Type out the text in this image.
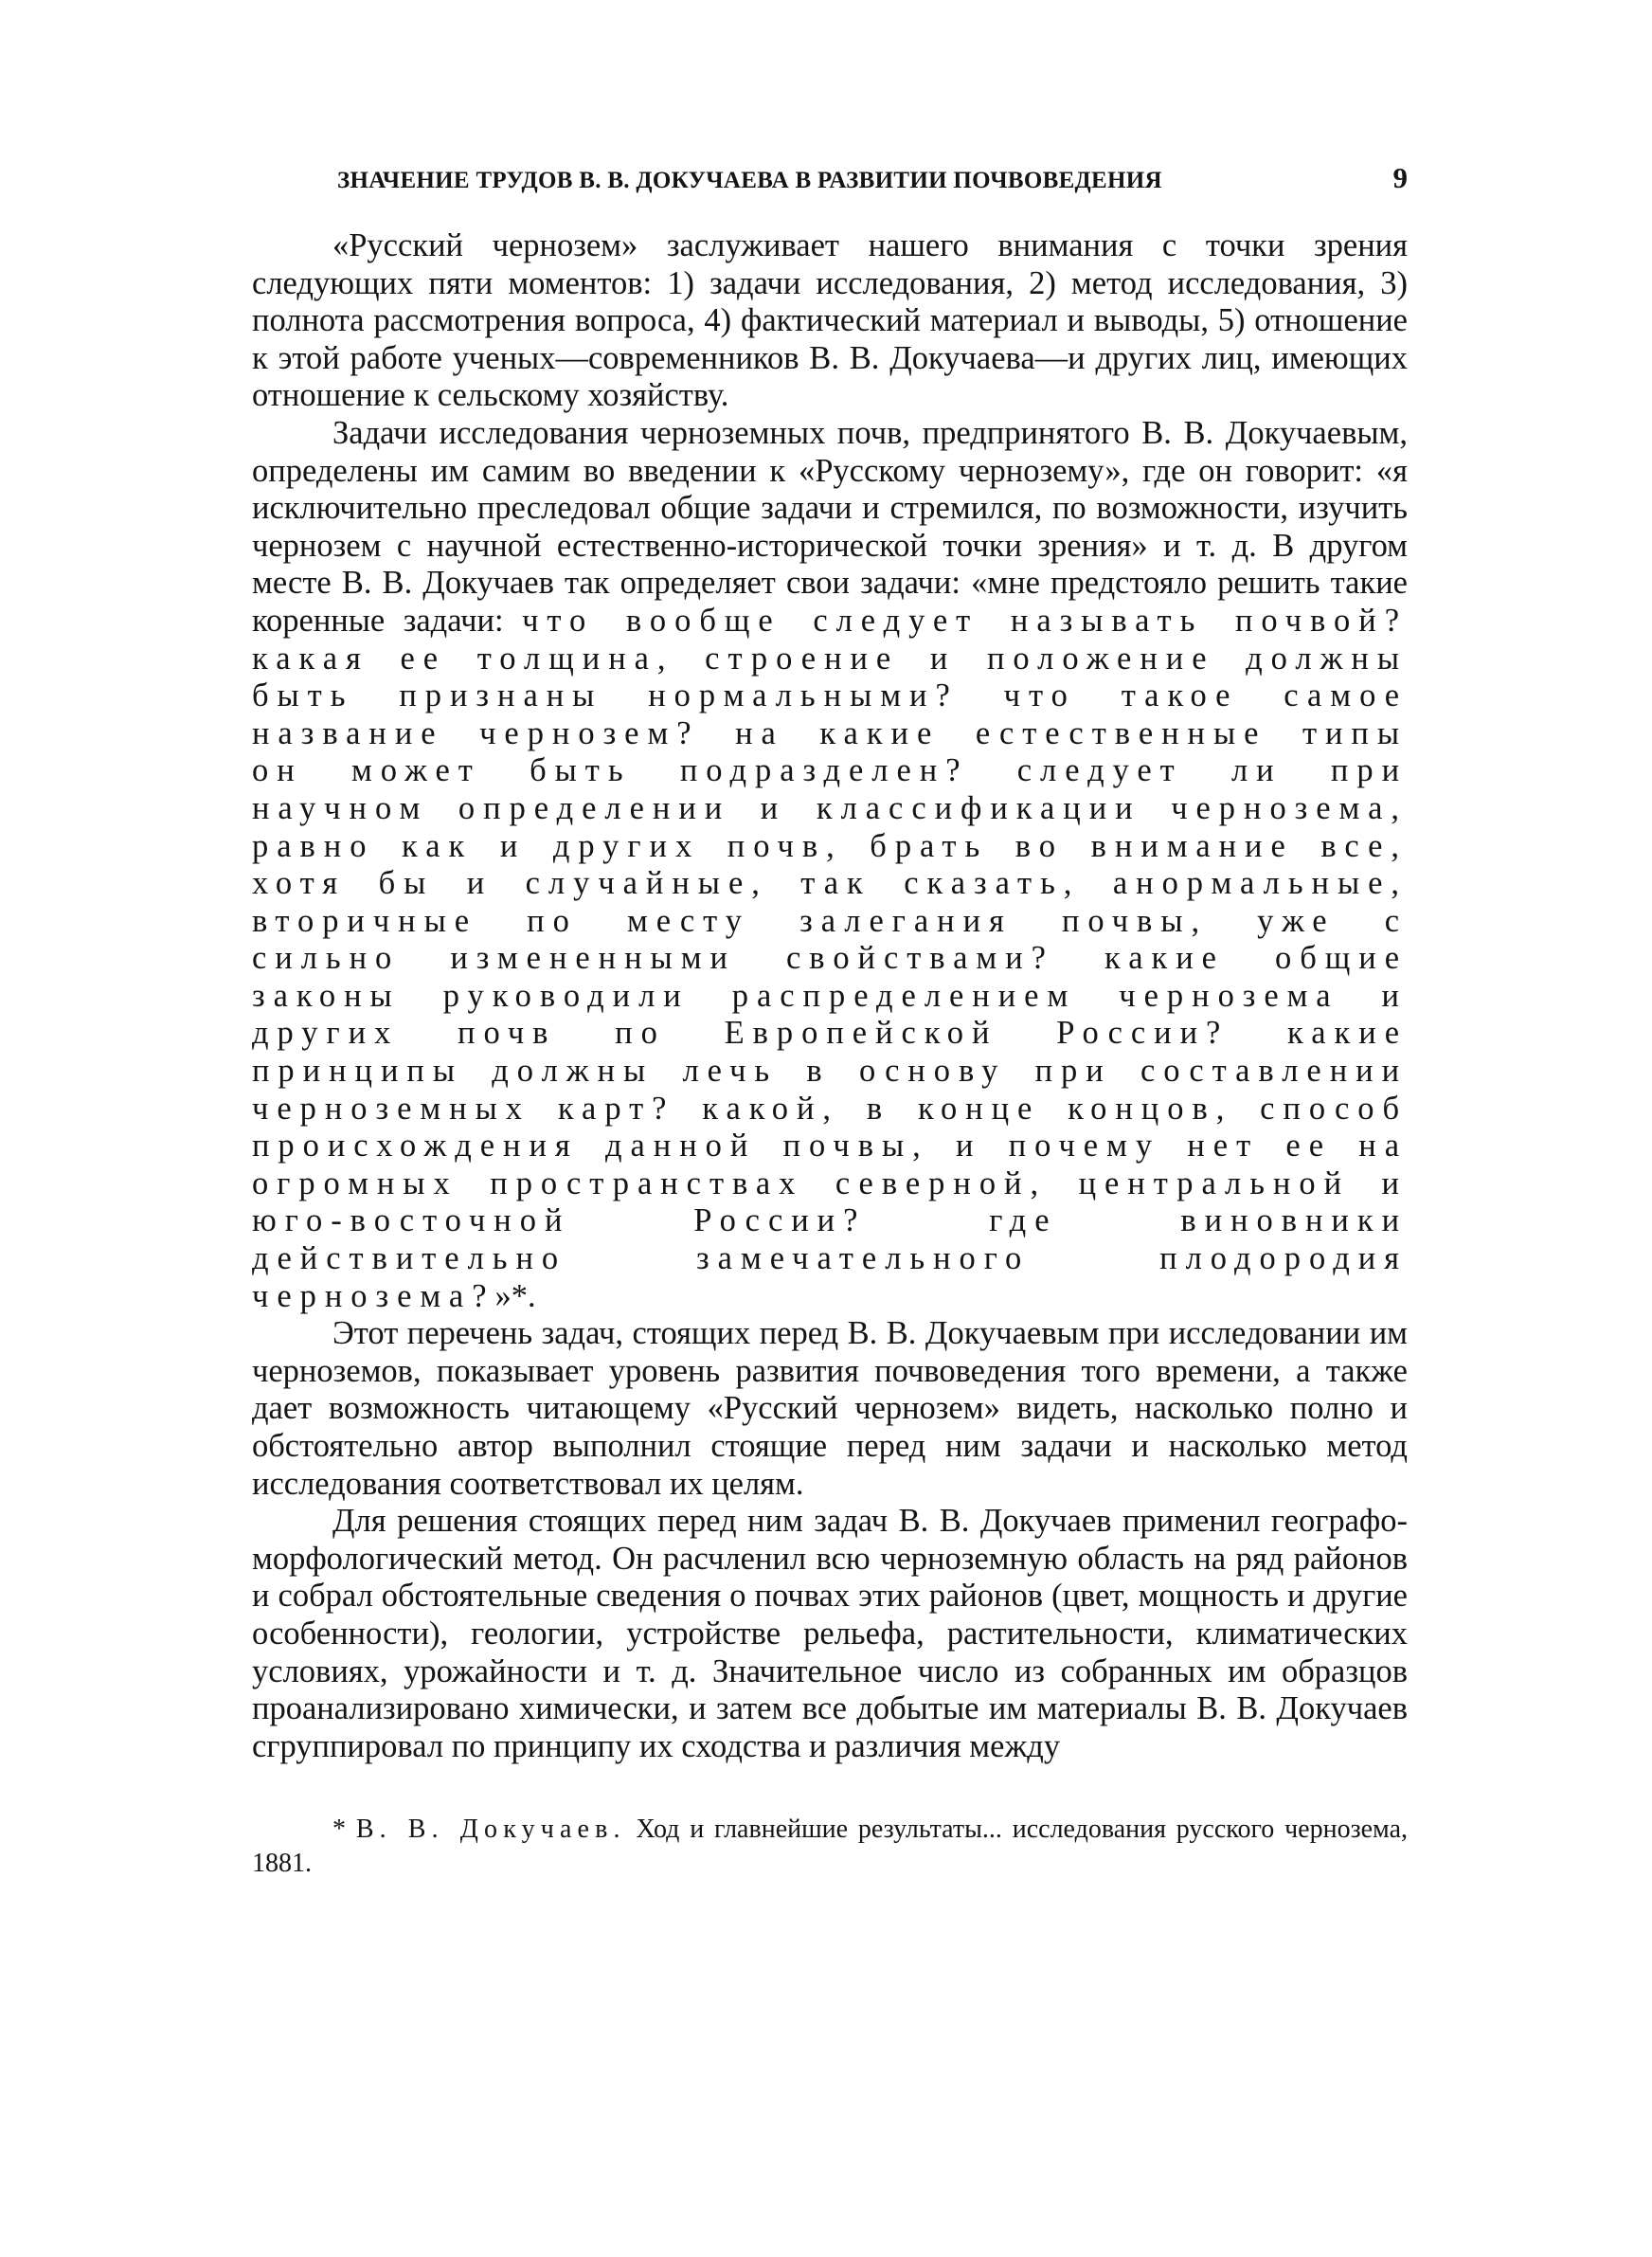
ЗНАЧЕНИЕ ТРУДОВ В. В. ДОКУЧАЕВА В РАЗВИТИИ ПОЧВОВЕДЕНИЯ	9

«Русский чернозем» заслуживает нашего внимания с точки зрения следующих пяти моментов: 1) задачи исследования, 2) метод исследования, 3) полнота рассмотрения вопроса, 4) фактический материал и выводы, 5) отношение к этой работе ученых—современников В. В. Докучаева—и других лиц, имеющих отношение к сельскому хозяйству.

Задачи исследования черноземных почв, предпринятого В. В. Докучаевым, определены им самим во введении к «Русскому чернозему», где он говорит: «я исключительно преследовал общие задачи и стремился, по возможности, изучить чернозем с научной естественно-исторической точки зрения» и т. д. В другом месте В. В. Докучаев так определяет свои задачи: «мне предстояло решить такие коренные задачи: что вообще следует называть почвой? какая ее толщина, строение и положение должны быть признаны нормальными? что такое самое название чернозем? на какие естественные типы он может быть подразделен? следует ли при научном определении и классификации чернозема, равно как и других почв, брать во внимание все, хотя бы и случайные, так сказать, анормальные, вторичные по месту залегания почвы, уже с сильно измененными свойствами? какие общие законы руководили распределением чернозема и других почв по Европейской России? какие принципы должны лечь в основу при составлении черноземных карт? какой, в конце концов, способ происхождения данной почвы, и почему нет ее на огромных пространствах северной, центральной и юго-восточной России? где виновники действительно замечательного плодородия чернозема?»*.

Этот перечень задач, стоящих перед В. В. Докучаевым при исследовании им черноземов, показывает уровень развития почвоведения того времени, а также дает возможность читающему «Русский чернозем» видеть, насколько полно и обстоятельно автор выполнил стоящие перед ним задачи и насколько метод исследования соответствовал их целям.

Для решения стоящих перед ним задач В. В. Докучаев применил географо-морфологический метод. Он расчленил всю черноземную область на ряд районов и собрал обстоятельные сведения о почвах этих районов (цвет, мощность и другие особенности), геологии, устройстве рельефа, растительности, климатических условиях, урожайности и т. д. Значительное число из собранных им образцов проанализировано химически, и затем все добытые им материалы В. В. Докучаев сгруппировал по принципу их сходства и различия между

* В. В. Докучаев. Ход и главнейшие результаты... исследования русского чернозема, 1881.
